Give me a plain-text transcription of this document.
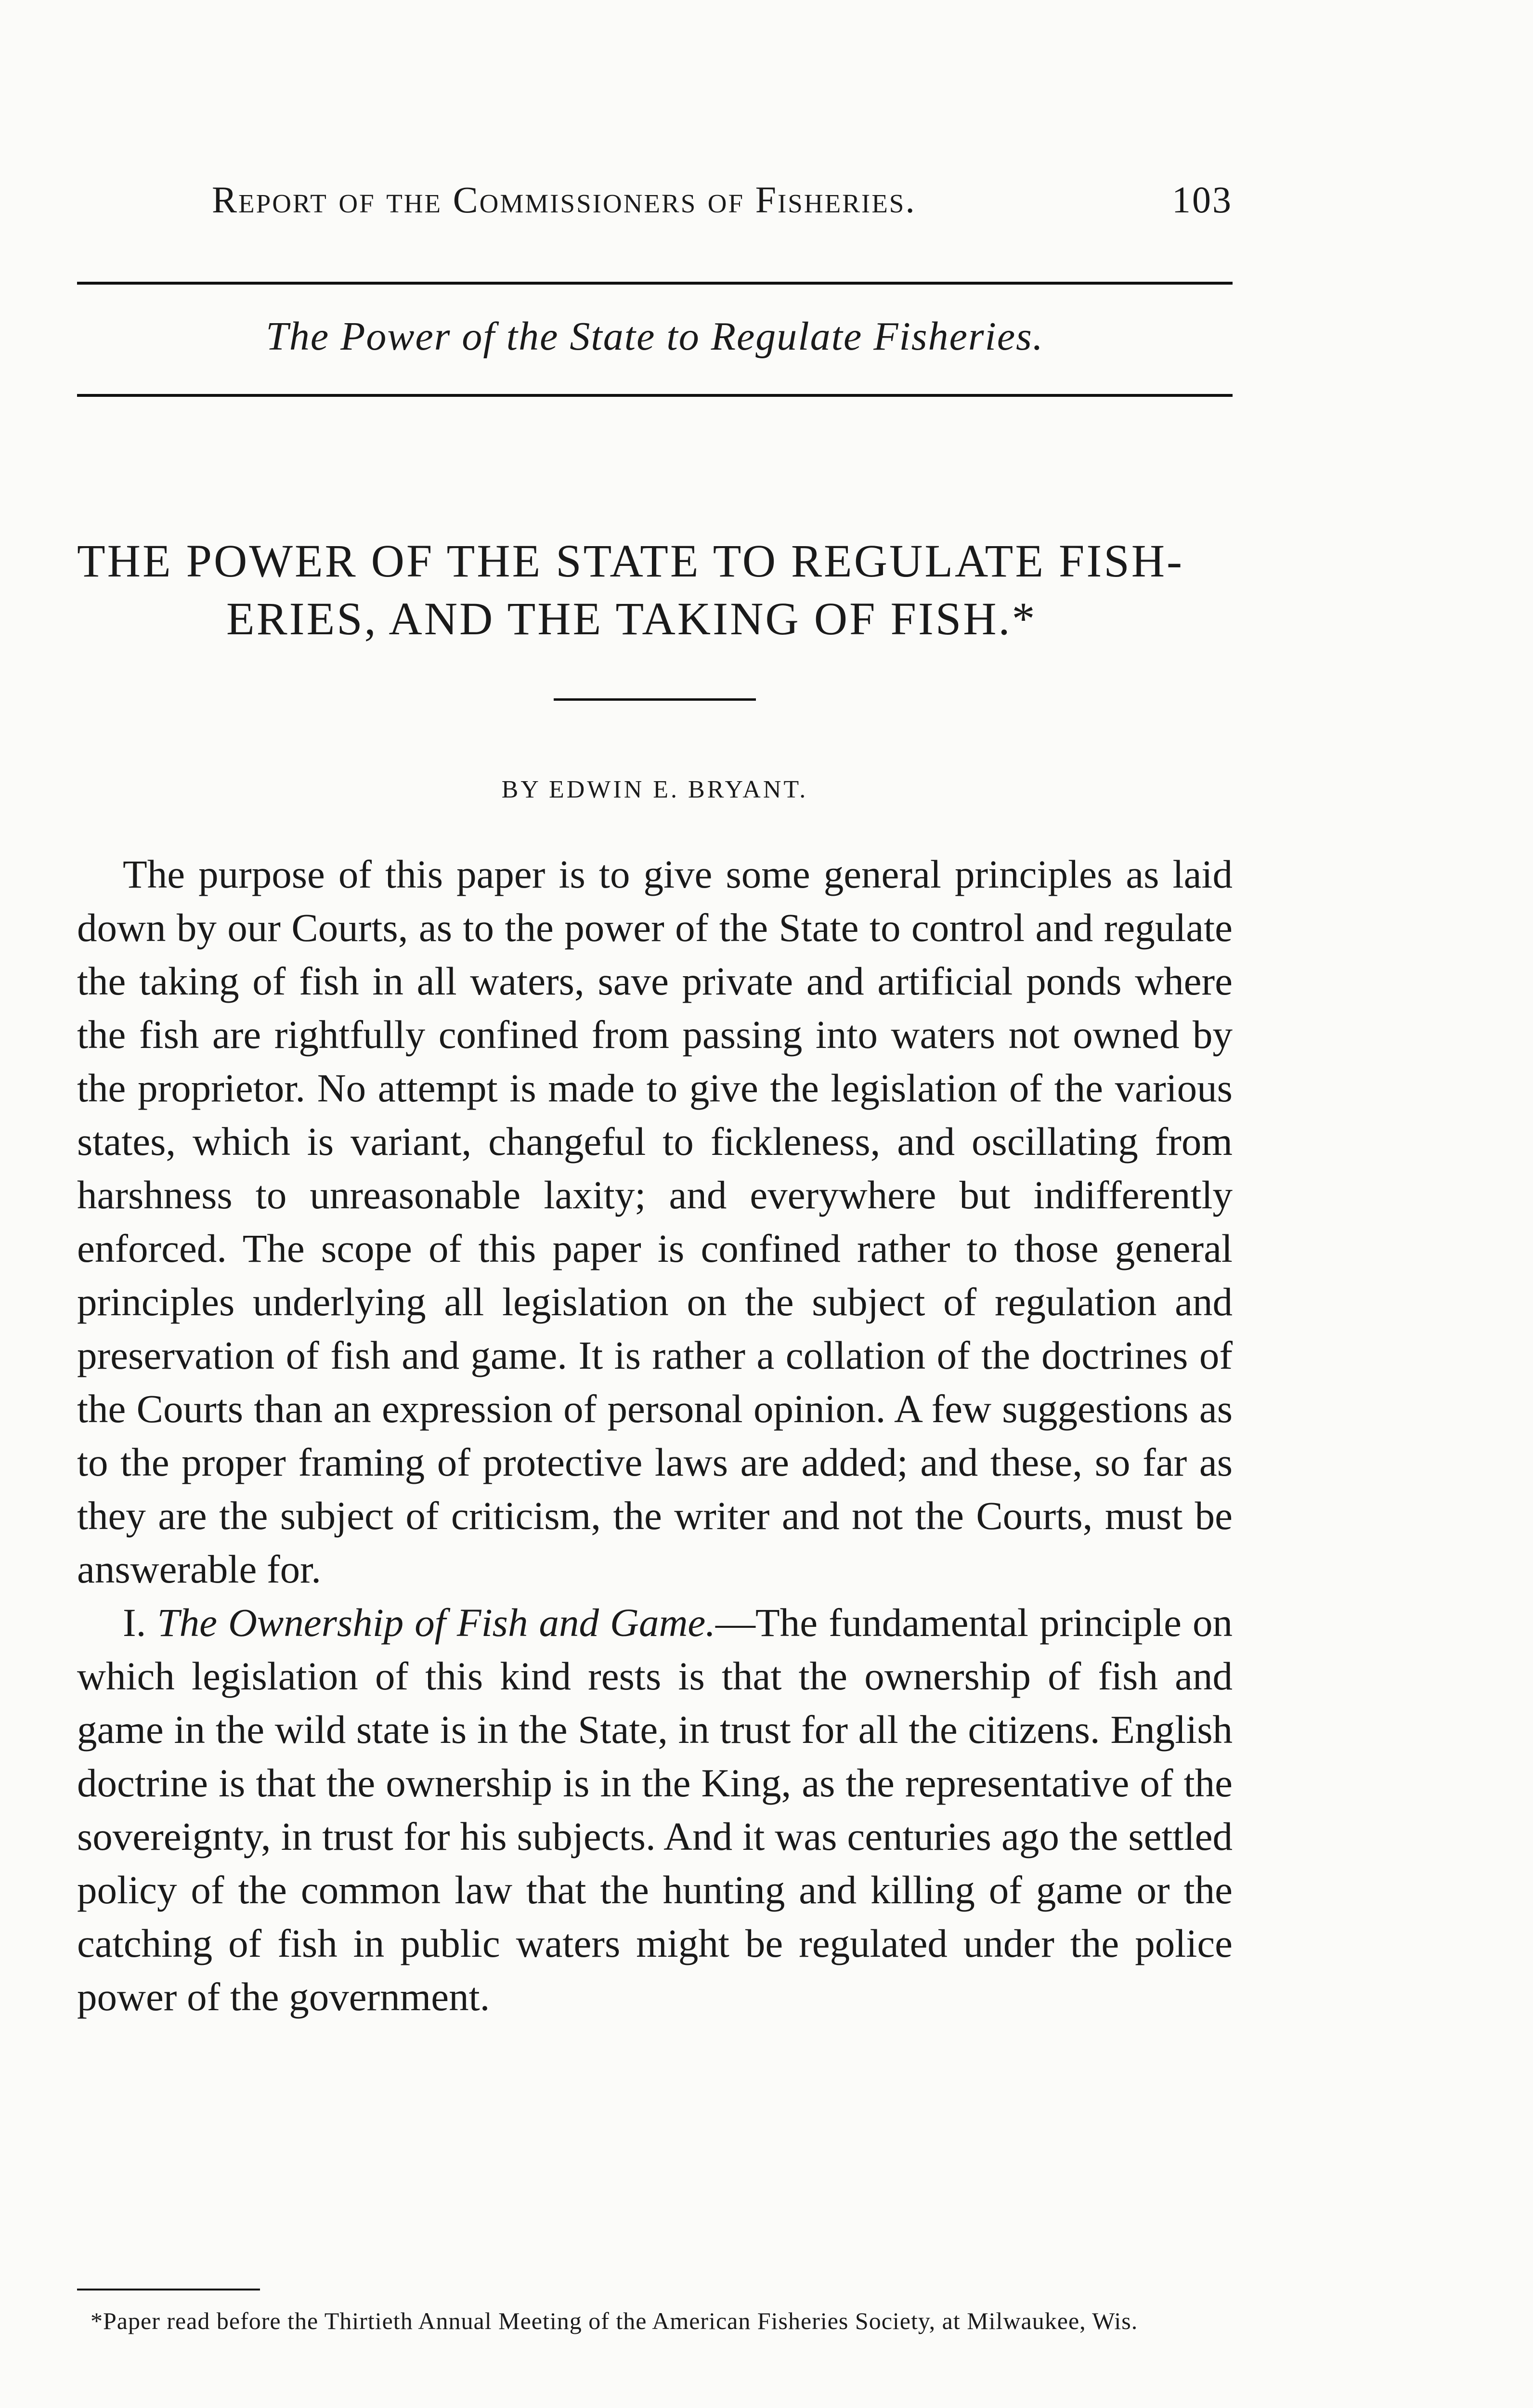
Report of the Commissioners of Fisheries.	103
The Power of the State to Regulate Fisheries.
THE POWER OF THE STATE TO REGULATE FISH-
ERIES, AND THE TAKING OF FISH.*
BY EDWIN E. BRYANT.

The purpose of this paper is to give some general principles as laid down by our Courts, as to the power of the State to control and regulate the taking of fish in all waters, save private and artificial ponds where the fish are rightfully confined from passing into waters not owned by the proprietor. No attempt is made to give the legislation of the various states, which is variant, changeful to fickleness, and oscillating from harshness to unreasonable laxity; and everywhere but indifferently enforced. The scope of this paper is confined rather to those general principles underlying all legislation on the subject of regulation and preservation of fish and game. It is rather a collation of the doctrines of the Courts than an expression of personal opinion. A few suggestions as to the proper framing of protective laws are added; and these, so far as they are the subject of criticism, the writer and not the Courts, must be answerable for.

I. The Ownership of Fish and Game.—The fundamental principle on which legislation of this kind rests is that the ownership of fish and game in the wild state is in the State, in trust for all the citizens. English doctrine is that the ownership is in the King, as the representative of the sovereignty, in trust for his subjects. And it was centuries ago the settled policy of the common law that the hunting and killing of game or the catching of fish in public waters might be regulated under the police power of the government.

*Paper read before the Thirtieth Annual Meeting of the American Fisheries Society, at Milwaukee, Wis.
